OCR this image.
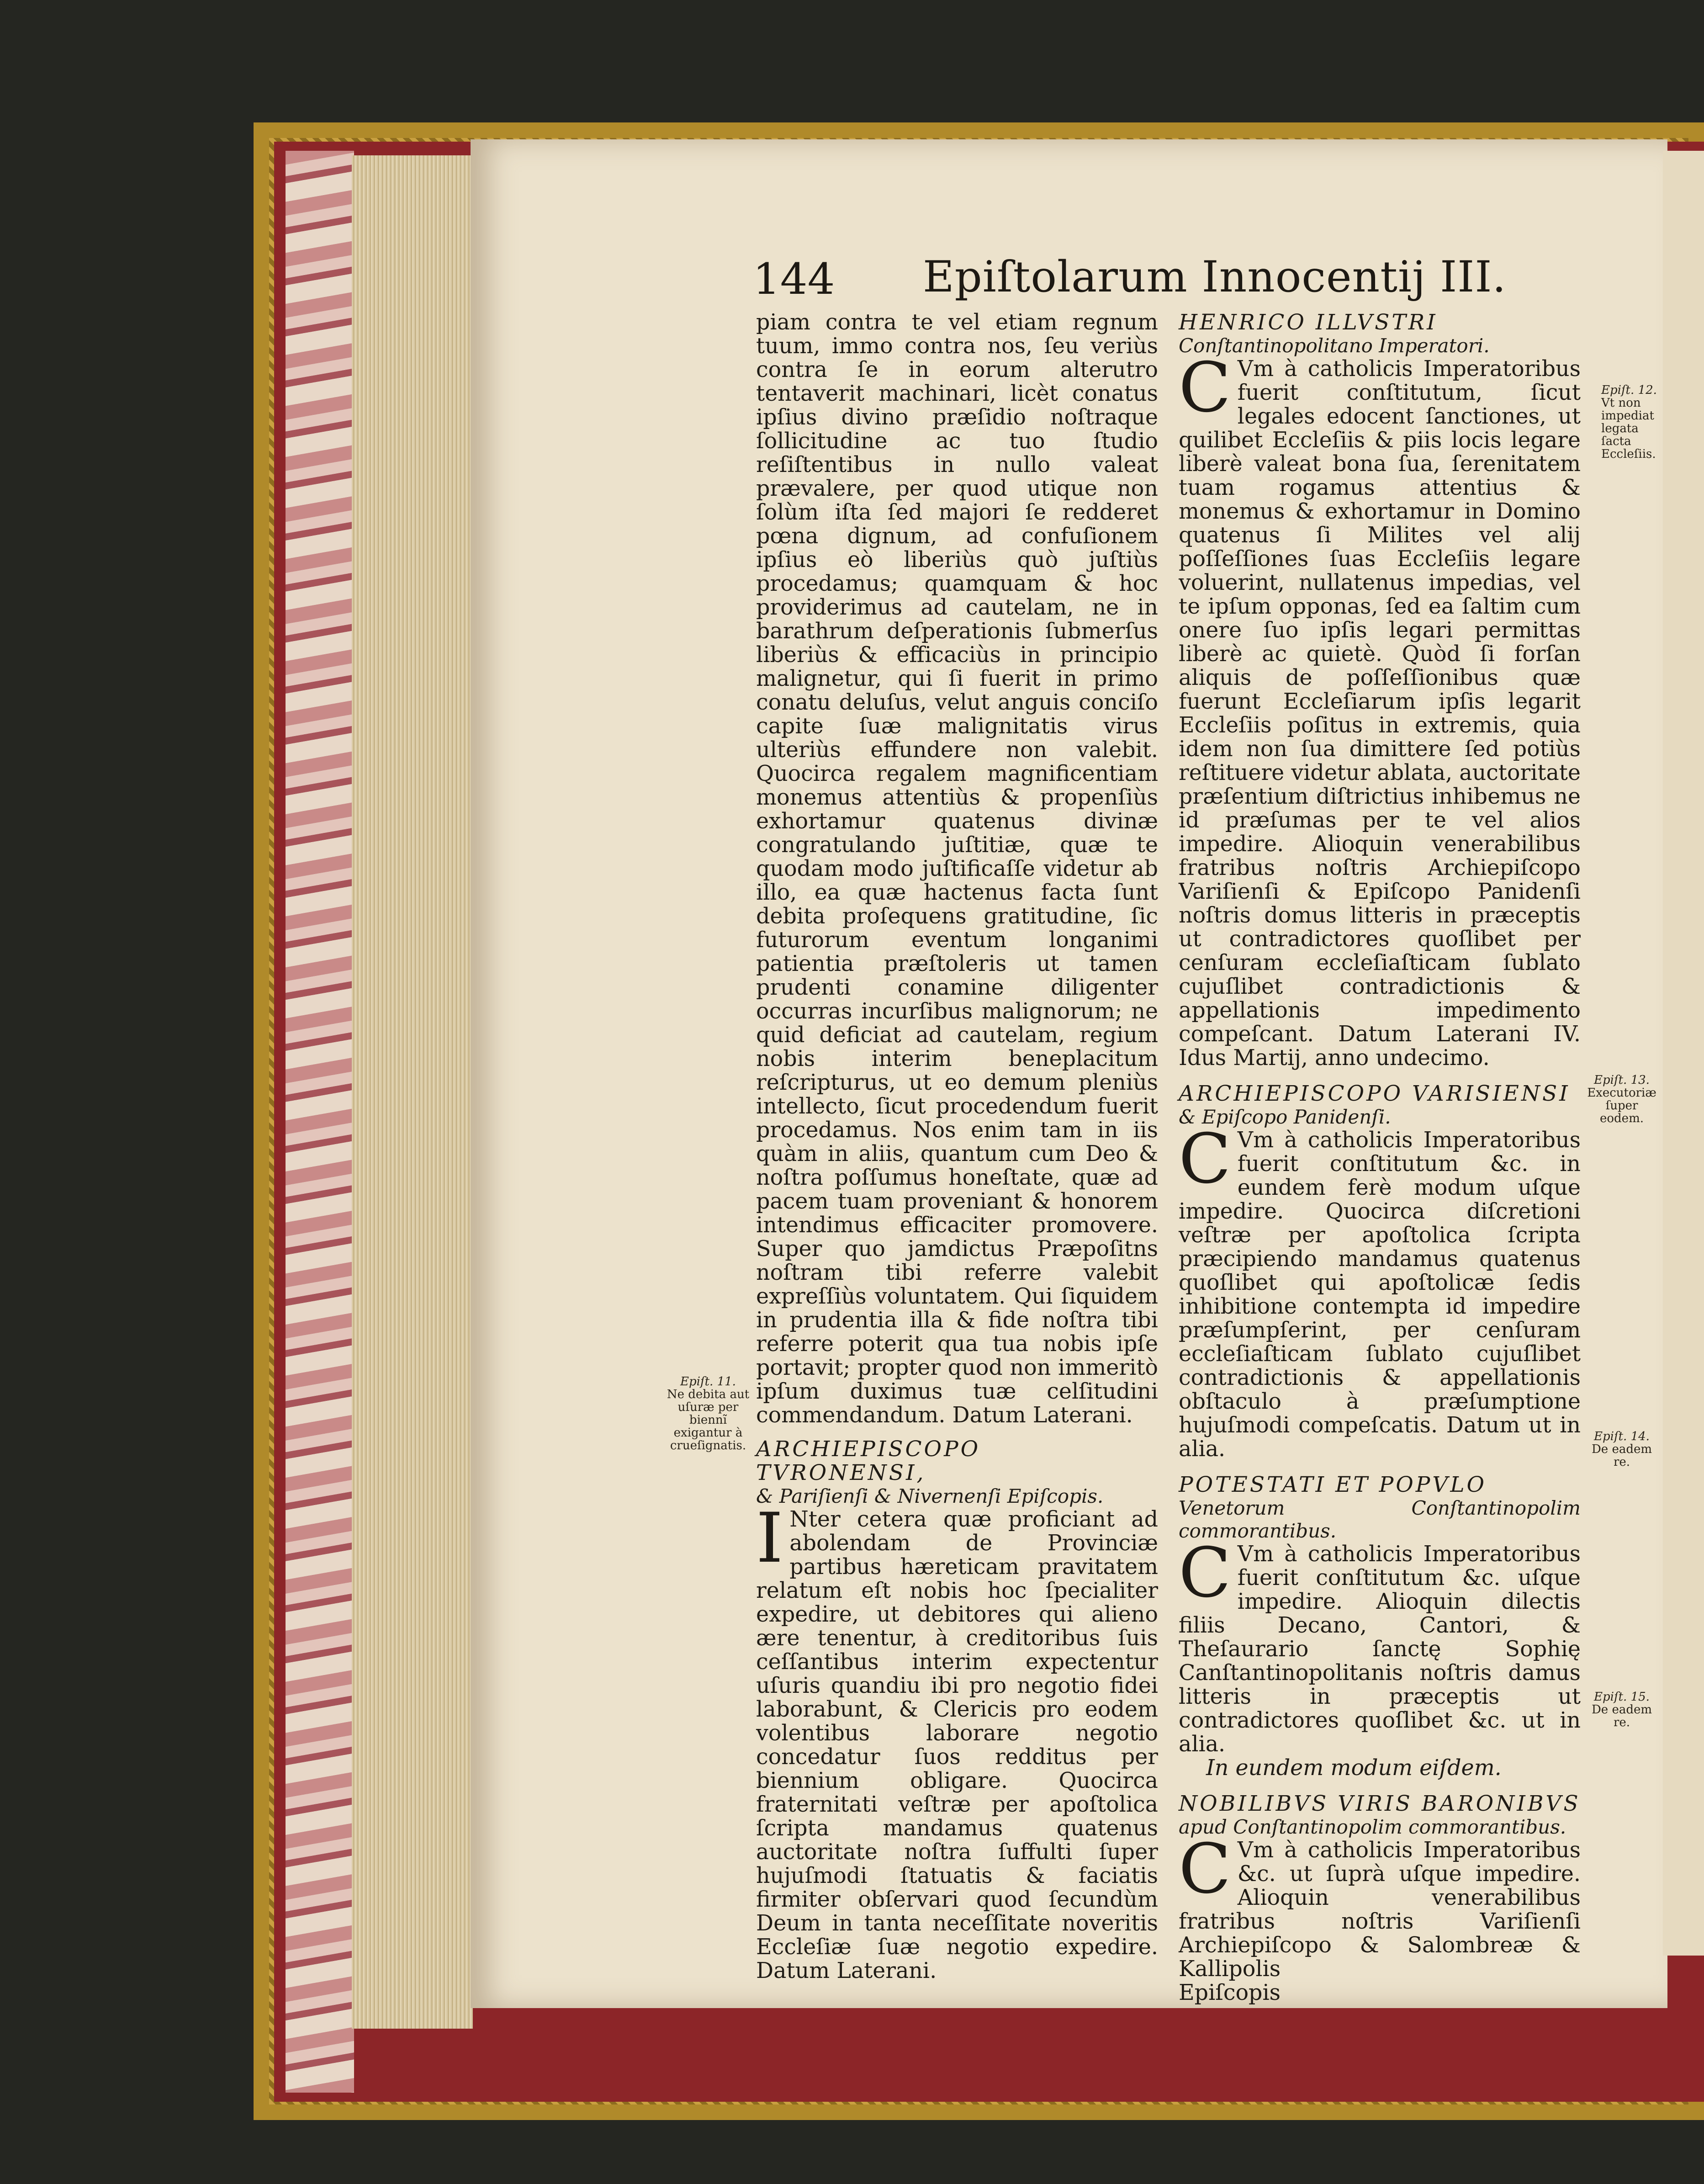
144 Epiſtolarum Innocentij III.

piam contra te vel etiam regnum tuum, immo contra nos, ſeu veriùs contra ſe in eorum alterutro tentaverit machinari, licèt conatus ipſius divino præſidio noſtraque ſollicitudine ac tuo ſtudio reſiſtentibus in nullo valeat prævalere, per quod utique non ſolùm iſta ſed majori ſe redderet pœna dignum, ad confuſionem ipſius eò liberiùs quò juſtiùs procedamus; quamquam & hoc providerimus ad cautelam, ne in barathrum deſperationis ſubmerſus liberiùs & efficaciùs in principio malignetur, qui ſi fuerit in primo conatu deluſus, velut anguis conciſo capite ſuæ malignitatis virus ulteriùs effundere non valebit. Quocirca regalem magnificentiam monemus attentiùs & propenſiùs exhortamur quatenus divinæ congratulando juſtitiæ, quæ te quodam modo juſtificaſſe videtur ab illo, ea quæ hactenus facta ſunt debita proſequens gratitudine, ſic futurorum eventum longanimi patientia præſtoleris ut tamen prudenti conamine diligenter occurras incurſibus malignorum; ne quid deficiat ad cautelam, regium nobis interim beneplacitum reſcripturus, ut eo demum pleniùs intellecto, ſicut procedendum fuerit procedamus. Nos enim tam in iis quàm in aliis, quantum cum Deo & noſtra poſſumus honeſtate, quæ ad pacem tuam proveniant & honorem intendimus efficaciter promovere. Super quo jamdictus Præpoſitns noſtram tibi referre valebit expreſſiùs voluntatem. Qui ſiquidem in prudentia illa & fide noſtra tibi referre poterit qua tua nobis ipſe portavit; propter quod non immeritò ipſum duximus tuæ celſitudini commendandum. Datum Laterani.

ARCHIEPISCOPO TVRONENSI,

& Pariſienſi & Nivernenſi Epiſcopis.

I Nter cetera quæ proficiant ad abolendam de Provinciæ partibus hæreticam pravitatem relatum eſt nobis hoc ſpecialiter expedire, ut debitores qui alieno ære tenentur, à creditoribus ſuis ceſſantibus interim expectentur uſuris quandiu ibi pro negotio fidei laborabunt, & Clericis pro eodem volentibus laborare negotio concedatur ſuos redditus per biennium obligare. Quocirca fraternitati veſtræ per apoſtolica ſcripta mandamus quatenus auctoritate noſtra ſuffulti ſuper hujuſmodi ſtatuatis & faciatis firmiter obſervari quod ſecundùm Deum in tanta neceſſitate noveritis Eccleſiæ ſuæ negotio expedire. Datum Laterani.

HENRICO ILLVSTRI

Conſtantinopolitano Imperatori.

C Vm à catholicis Imperatoribus fuerit conſtitutum, ſicut legales edocent ſanctiones, ut quilibet Eccleſiis & piis locis legare liberè valeat bona ſua, ſerenitatem tuam rogamus attentius & monemus & exhortamur in Domino quatenus ſi Milites vel alij poſſeſſiones ſuas Eccleſiis legare voluerint, nullatenus impedias, vel te ipſum opponas, ſed ea ſaltim cum onere ſuo ipſis legari permittas liberè ac quietè. Quòd ſi forſan aliquis de poſſeſſionibus quæ fuerunt Eccleſiarum ipſis legarit Eccleſiis poſitus in extremis, quia idem non ſua dimittere ſed potiùs reſtituere videtur ablata, auctoritate præſentium diſtrictius inhibemus ne id præſumas per te vel alios impedire. Alioquin venerabilibus fratribus noſtris Archiepiſcopo Variſienſi & Epiſcopo Panidenſi noſtris domus litteris in præceptis ut contradictores quoſlibet per cenſuram eccleſiaſticam ſublato cujuſlibet contradictionis & appellationis impedimento compeſcant. Datum Laterani IV. Idus Martij, anno undecimo.

ARCHIEPISCOPO VARISIENSI

& Epiſcopo Panidenſi.

C Vm à catholicis Imperatoribus fuerit conſtitutum &c. in eundem ferè modum uſque impedire. Quocirca diſcretioni veſtræ per apoſtolica ſcripta præcipiendo mandamus quatenus quoſlibet qui apoſtolicæ ſedis inhibitione contempta id impedire præſumpſerint, per cenſuram eccleſiaſticam ſublato cujuſlibet contradictionis & appellationis obſtaculo à præſumptione hujuſmodi compeſcatis. Datum ut in alia.

POTESTATI ET POPVLO

Venetorum Conſtantinopolim commorantibus.

C Vm à catholicis Imperatoribus fuerit conſtitutum &c. uſque impedire. Alioquin dilectis filiis Decano, Cantori, & Theſaurario ſanctę Sophię Canſtantinopolitanis noſtris damus litteris in præceptis ut contradictores quoſlibet &c. ut in alia.

In eundem modum eiſdem.

NOBILIBVS VIRIS BARONIBVS

apud Conſtantinopolim commorantibus.

C Vm à catholicis Imperatoribus &c. ut ſuprà uſque impedire. Alioquin venerabilibus fratribus noſtris Variſienſi Archiepiſcopo & Salombreæ & Kallipolis

Epiſcopis

Epiſt. 11.
Ne debita aut uſuræ per biennĩ exigantur à crueſignatis.
Epiſt. 12.
Vt non impediat legata ſacta Eccleſiis.
Epiſt. 13.
Executoriæ ſuper eodem.
Epiſt. 14.
De eadem re.
Epiſt. 15.
De eadem re.
